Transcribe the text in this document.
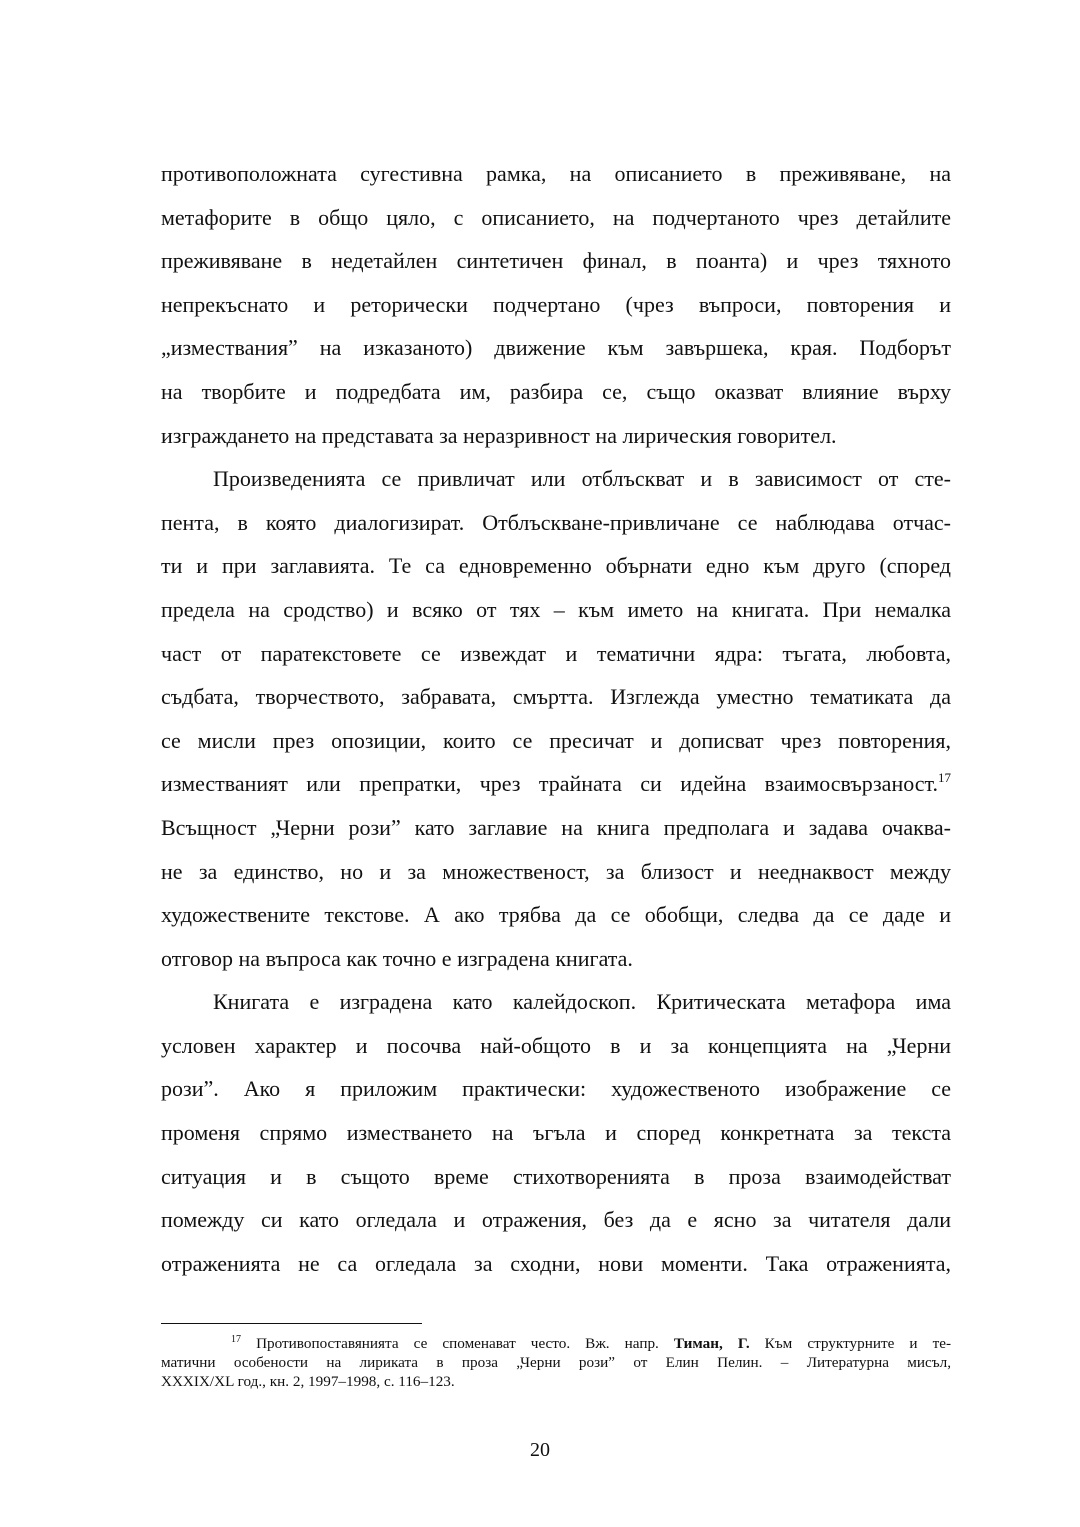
противоположната сугестивна рамка, на описанието в преживяване, на
метафорите в общо цяло, с описанието, на подчертаното чрез детайлите
преживяване в недетайлен синтетичен финал, в поанта) и чрез тяхното
непрекъснато и реторически подчертано (чрез въпроси, повторения и
„изместванияˮ на изказаното) движение към завършека, края. Подборът
на творбите и подредбата им, разбира се, също оказват влияние върху
изграждането на представата за неразривност на лирическия говорител.
Произведенията се привличат или отблъскват и в зависимост от сте-
пента, в която диалогизират. Отблъскване-привличане се наблюдава отчас-
ти и при заглавията. Те са едновременно обърнати едно към друго (според
предела на сродство) и всяко от тях – към името на книгата. При немалка
част от паратекстовете се извеждат и тематични ядра: тъгата, любовта,
съдбата, творчеството, забравата, смъртта. Изглежда уместно тематиката да
се мисли през опозиции, които се пресичат и дописват чрез повторения,
изместваният или препратки, чрез трайната си идейна взаимосвързаност.$^{17}$
Всъщност „Черни розиˮ като заглавие на книга предполага и задава очаква-
не за единство, но и за множественост, за близост и нееднаквост между
художествените текстове. А ако трябва да се обобщи, следва да се даде и
отговор на въпроса как точно е изградена книгата.
Книгата е изградена като калейдоскоп. Критическата метафора има
условен характер и посочва най-общото в и за концепцията на „Черни
розиˮ. Ако я приложим практически: художественото изображение се
променя спрямо изместването на ъгъла и според конкретната за текста
ситуация и в същото време стихотворенията в проза взаимодействат
помежду си като огледала и отражения, без да е ясно за читателя дали
отраженията не са огледала за сходни, нови моменти. Така отраженията,
$^{17}$ Противопоставянията се споменават често. Вж. напр. Тиман, Г. Към структурните и те-
матични особености на лириката в проза „Черни розиˮ от Елин Пелин. – Литературна мисъл,
XXXIX/XL год., кн. 2, 1997–1998, с. 116–123.
20
